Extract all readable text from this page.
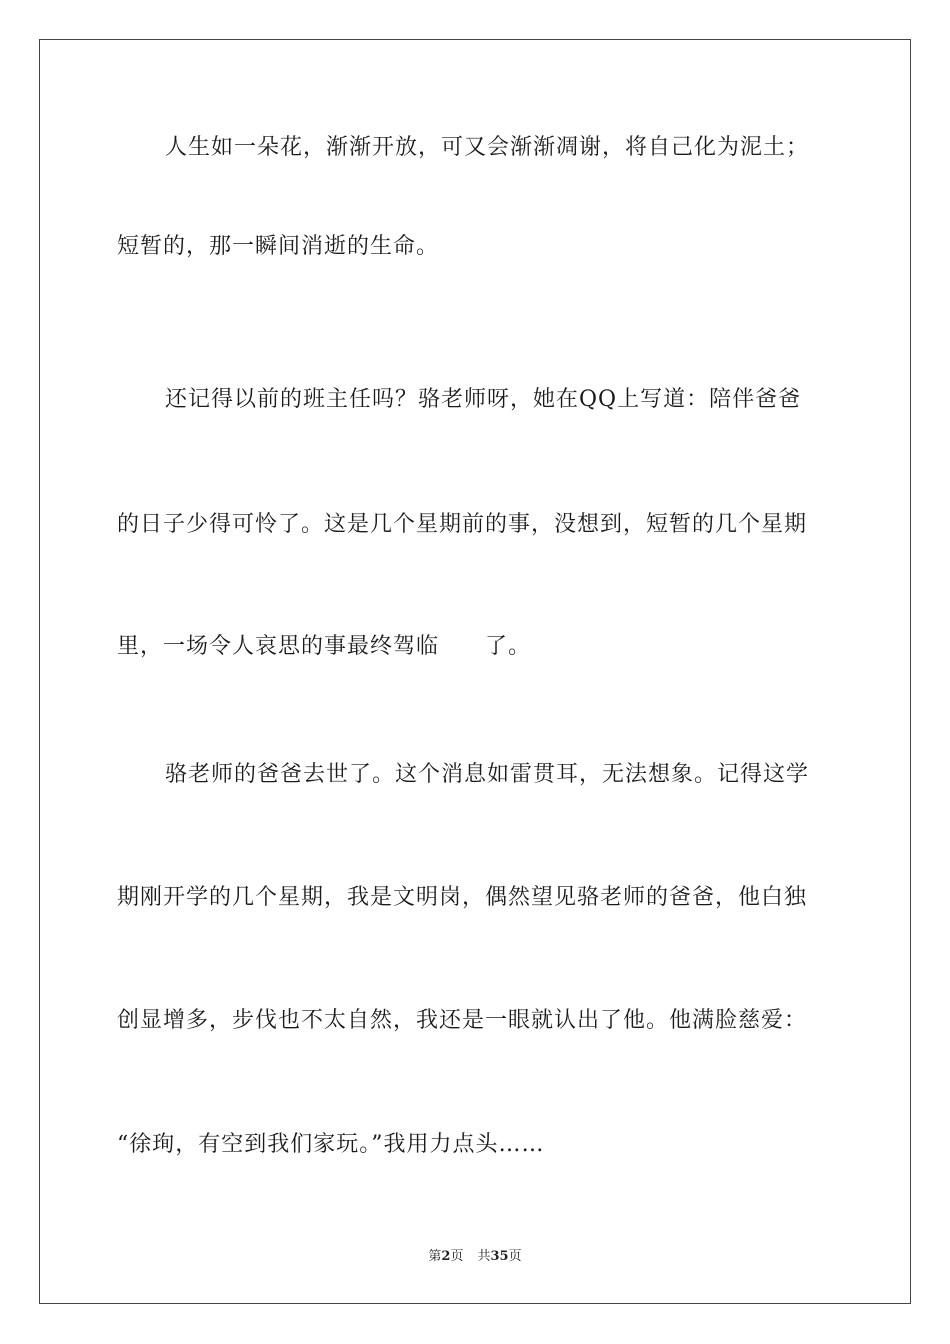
人生如一朵花，渐渐开放，可又会渐渐凋谢，将自己化为泥土；
短暂的，那一瞬间消逝的生命。
还记得以前的班主任吗？骆老师呀，她在QQ上写道：陪伴爸爸
的日子少得可怜了。这是几个星期前的事，没想到，短暂的几个星期
里，一场令人哀思的事最终驾临　　了。
骆老师的爸爸去世了。这个消息如雷贯耳，无法想象。记得这学
期刚开学的几个星期，我是文明岗，偶然望见骆老师的爸爸，他白独
创显增多，步伐也不太自然，我还是一眼就认出了他。他满脸慈爱：
“徐珣，有空到我们家玩。”我用力点头……
第2页 共35页
